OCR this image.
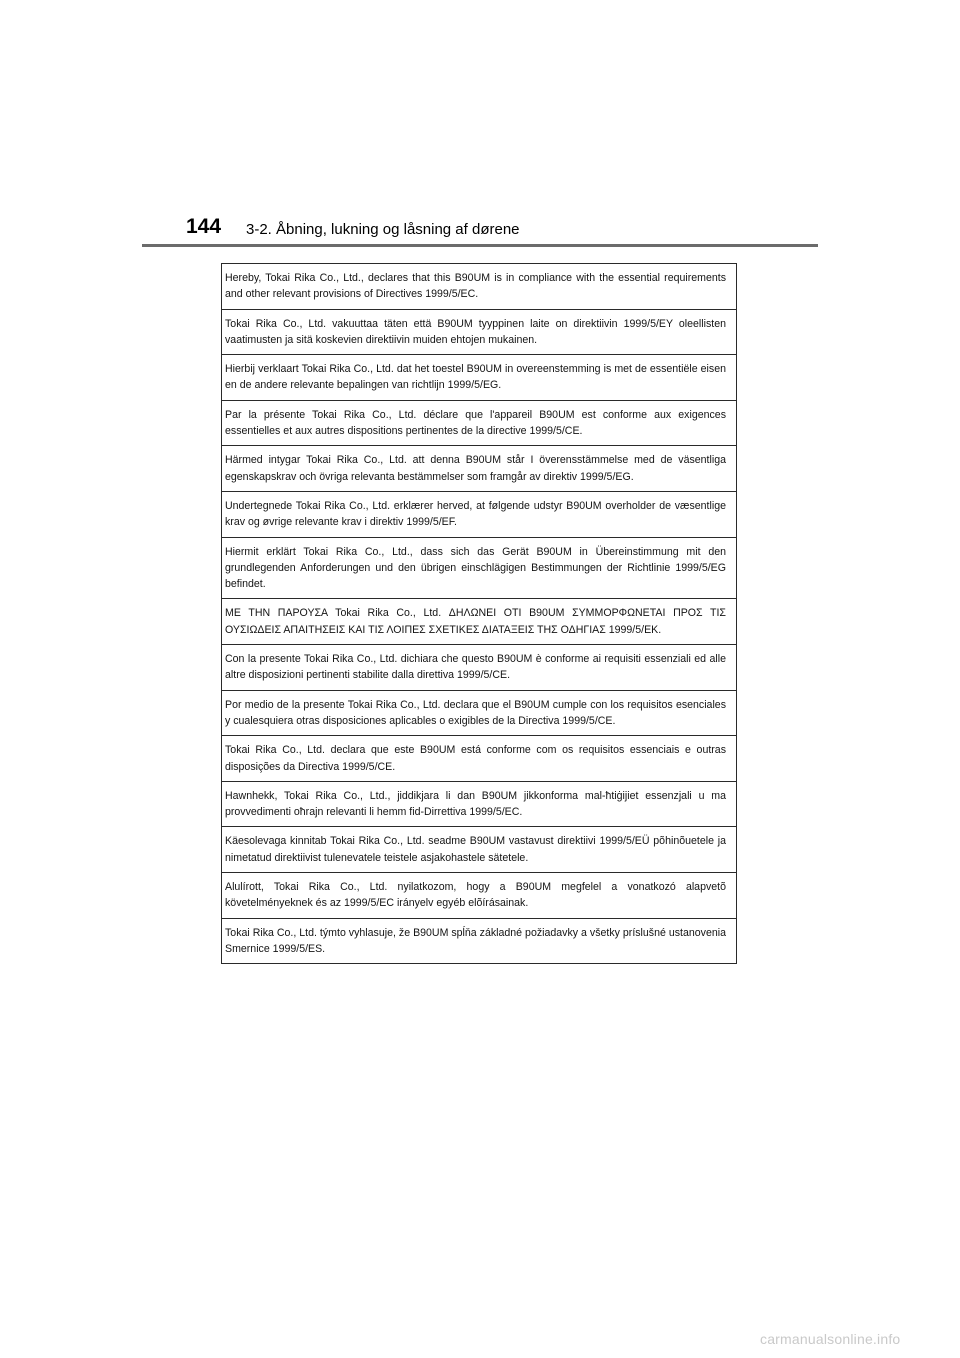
144 3-2. Åbning, lukning og låsning af dørene
Hereby, Tokai Rika Co., Ltd., declares that this B90UM is in compliance with the essential requirements and other relevant provisions of Directives 1999/5/EC.
Tokai Rika Co., Ltd. vakuuttaa täten että B90UM tyyppinen laite on direktiivin 1999/5/EY oleellisten vaatimusten ja sitä koskevien direktiivin muiden ehtojen mukainen.
Hierbij verklaart Tokai Rika Co., Ltd. dat het toestel B90UM in overeenstemming is met de essentiële eisen en de andere relevante bepalingen van richtlijn 1999/5/EG.
Par la présente Tokai Rika Co., Ltd. déclare que l'appareil B90UM est conforme aux exigences essentielles et aux autres dispositions pertinentes de la directive 1999/5/CE.
Härmed intygar Tokai Rika Co., Ltd. att denna B90UM står I överensstämmelse med de väsentliga egenskapskrav och övriga relevanta bestämmelser som framgår av direktiv 1999/5/EG.
Undertegnede Tokai Rika Co., Ltd. erklærer herved, at følgende udstyr B90UM overholder de væsentlige krav og øvrige relevante krav i direktiv 1999/5/EF.
Hiermit erklärt Tokai Rika Co., Ltd., dass sich das Gerät B90UM in Übereinstimmung mit den grundlegenden Anforderungen und den übrigen einschlägigen Bestimmungen der Richtlinie 1999/5/EG befindet.
ΜΕ ΤΗΝ ΠΑΡΟΥΣΑ Tokai Rika Co., Ltd. ΔΗΛΩΝΕΙ ΟΤΙ B90UM ΣΥΜΜΟΡΦΩΝΕΤΑΙ ΠΡΟΣ ΤΙΣ ΟΥΣΙΩΔΕΙΣ ΑΠΑΙΤΗΣΕΙΣ ΚΑΙ ΤΙΣ ΛΟΙΠΕΣ ΣΧΕΤΙΚΕΣ ΔΙΑΤΑΞΕΙΣ ΤΗΣ ΟΔΗΓΙΑΣ 1999/5/ΕΚ.
Con la presente Tokai Rika Co., Ltd. dichiara che questo B90UM è conforme ai requisiti essenziali ed alle altre disposizioni pertinenti stabilite dalla direttiva 1999/5/CE.
Por medio de la presente Tokai Rika Co., Ltd. declara que el B90UM cumple con los requisitos esenciales y cualesquiera otras disposiciones aplicables o exigibles de la Directiva 1999/5/CE.
Tokai Rika Co., Ltd. declara que este B90UM está conforme com os requisitos essenciais e outras disposições da Directiva 1999/5/CE.
Hawnhekk, Tokai Rika Co., Ltd., jiddikjara li dan B90UM jikkonforma mal-ħtiġijiet essenzjali u ma provvedimenti oħrajn relevanti li hemm fid-Dirrettiva 1999/5/EC.
Käesolevaga kinnitab Tokai Rika Co., Ltd. seadme B90UM vastavust direktiivi 1999/5/EÜ põhinõuetele ja nimetatud direktiivist tulenevatele teistele asjakohastele sätetele.
Alulírott, Tokai Rika Co., Ltd. nyilatkozom, hogy a B90UM megfelel a vonatkozó alapvetõ követelményeknek és az 1999/5/EC irányelv egyéb elõírásainak.
Tokai Rika Co., Ltd. týmto vyhlasuje, že B90UM spĺňa základné požiadavky a všetky príslušné ustanovenia Smernice 1999/5/ES.
carmanualsonline.info
